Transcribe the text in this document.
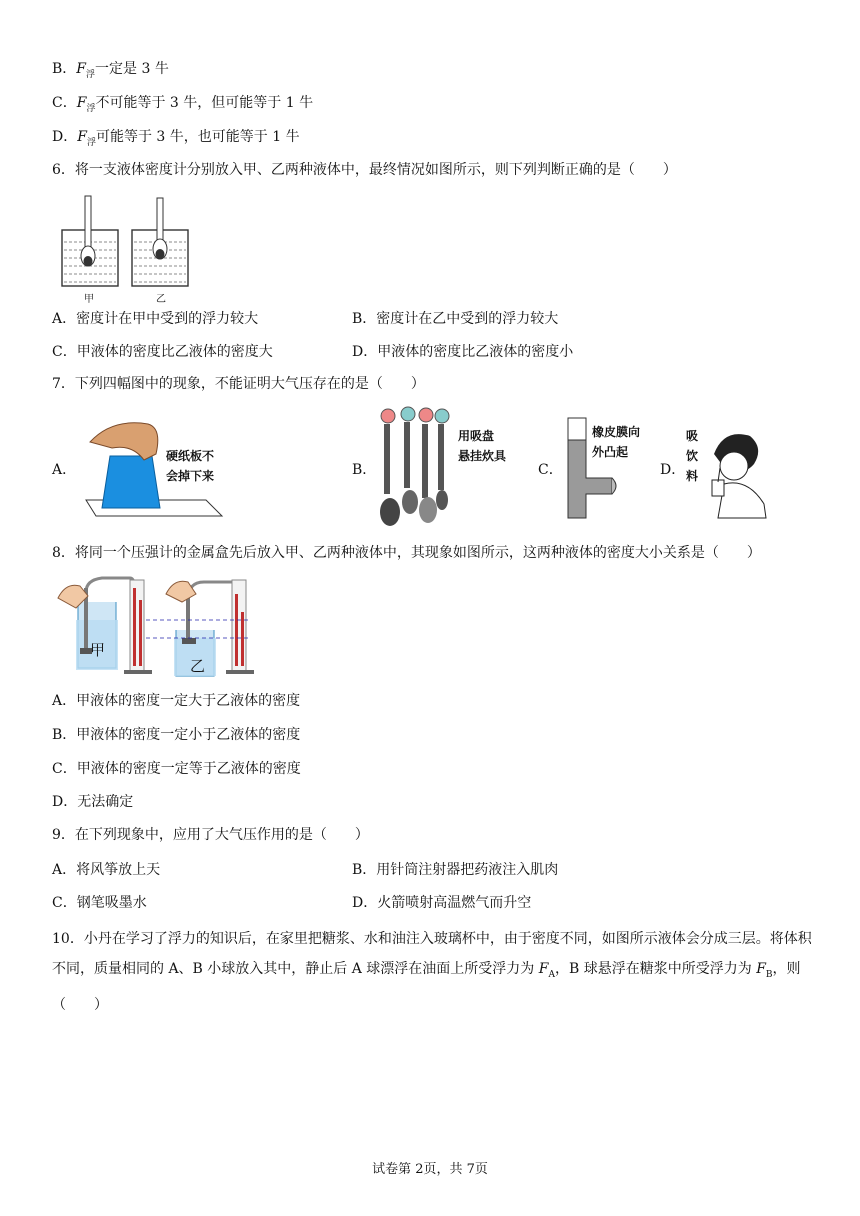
B．$F_浮$一定是 3 牛
C．$F_浮$不可能等于 3 牛，但可能等于 1 牛
D．$F_浮$可能等于 3 牛，也可能等于 1 牛
6．将一支液体密度计分别放入甲、乙两种液体中，最终情况如图所示，则下列判断正确的是（　　）
甲	乙
A．密度计在甲中受到的浮力较大	B．密度计在乙中受到的浮力较大
C．甲液体的密度比乙液体的密度大	D．甲液体的密度比乙液体的密度小
7．下列四幅图中的现象，不能证明大气压存在的是（　　）
A．
硬纸板不
会掉下来	B．
用吸盘
悬挂炊具
C．
橡皮膜向
外凸起
D．
吸
饮
料
8．将同一个压强计的金属盒先后放入甲、乙两种液体中，其现象如图所示，这两种液体的密度大小关系是（　　）
甲
乙
A．甲液体的密度一定大于乙液体的密度
B．甲液体的密度一定小于乙液体的密度
C．甲液体的密度一定等于乙液体的密度
D．无法确定
9．在下列现象中，应用了大气压作用的是（　　）
A．将风筝放上天	B．用针筒注射器把药液注入肌肉
C．钢笔吸墨水	D．火箭喷射高温燃气而升空
10．小丹在学习了浮力的知识后，在家里把糖浆、水和油注入玻璃杯中，由于密度不同，如图所示液体会分成三层。将体积不同，质量相同的 A、B 小球放入其中，静止后 A 球漂浮在油面上所受浮力为 $F_A$，B 球悬浮在糖浆中所受浮力为 $F_B$，则（　　）
试卷第 2页，共 7页
